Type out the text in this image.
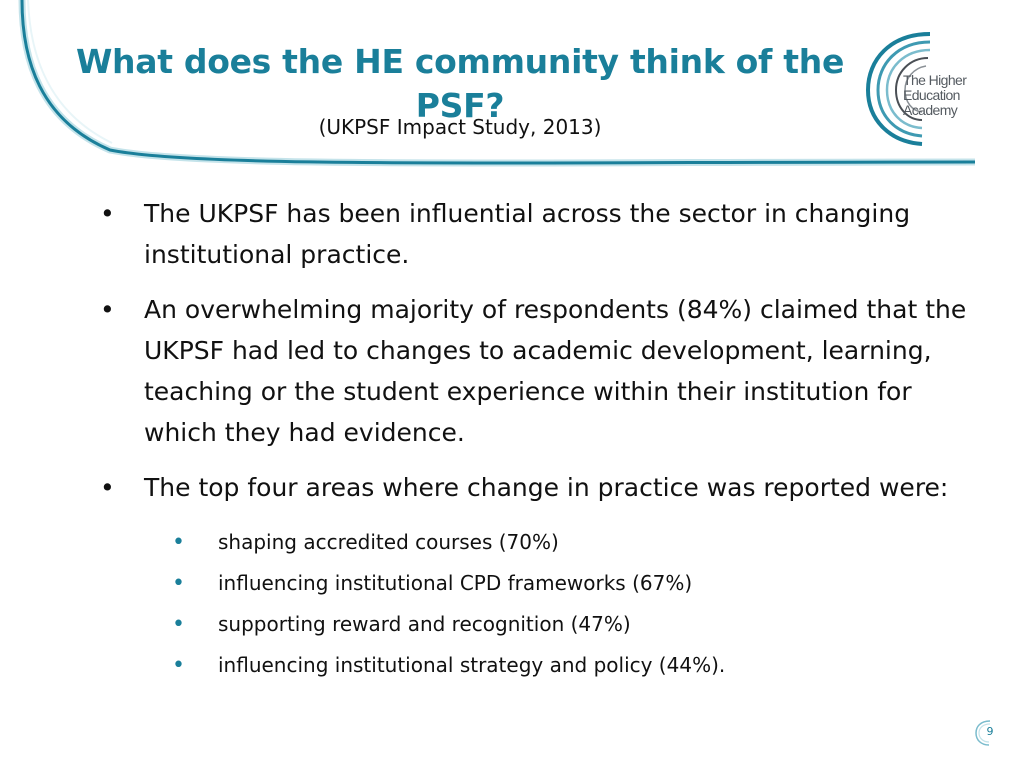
What does the HE community think of the PSF?
(UKPSF Impact Study, 2013)
The Higher
Education
Academy
• The UKPSF has been influential across the sector in changing institutional practice.
• An overwhelming majority of respondents (84%) claimed that the UKPSF had led to changes to academic development, learning, teaching or the student experience within their institution for which they had evidence.
• The top four areas where change in practice was reported were:
• shaping accredited courses (70%)
• influencing institutional CPD frameworks (67%)
• supporting reward and recognition (47%)
• influencing institutional strategy and policy (44%).
9
